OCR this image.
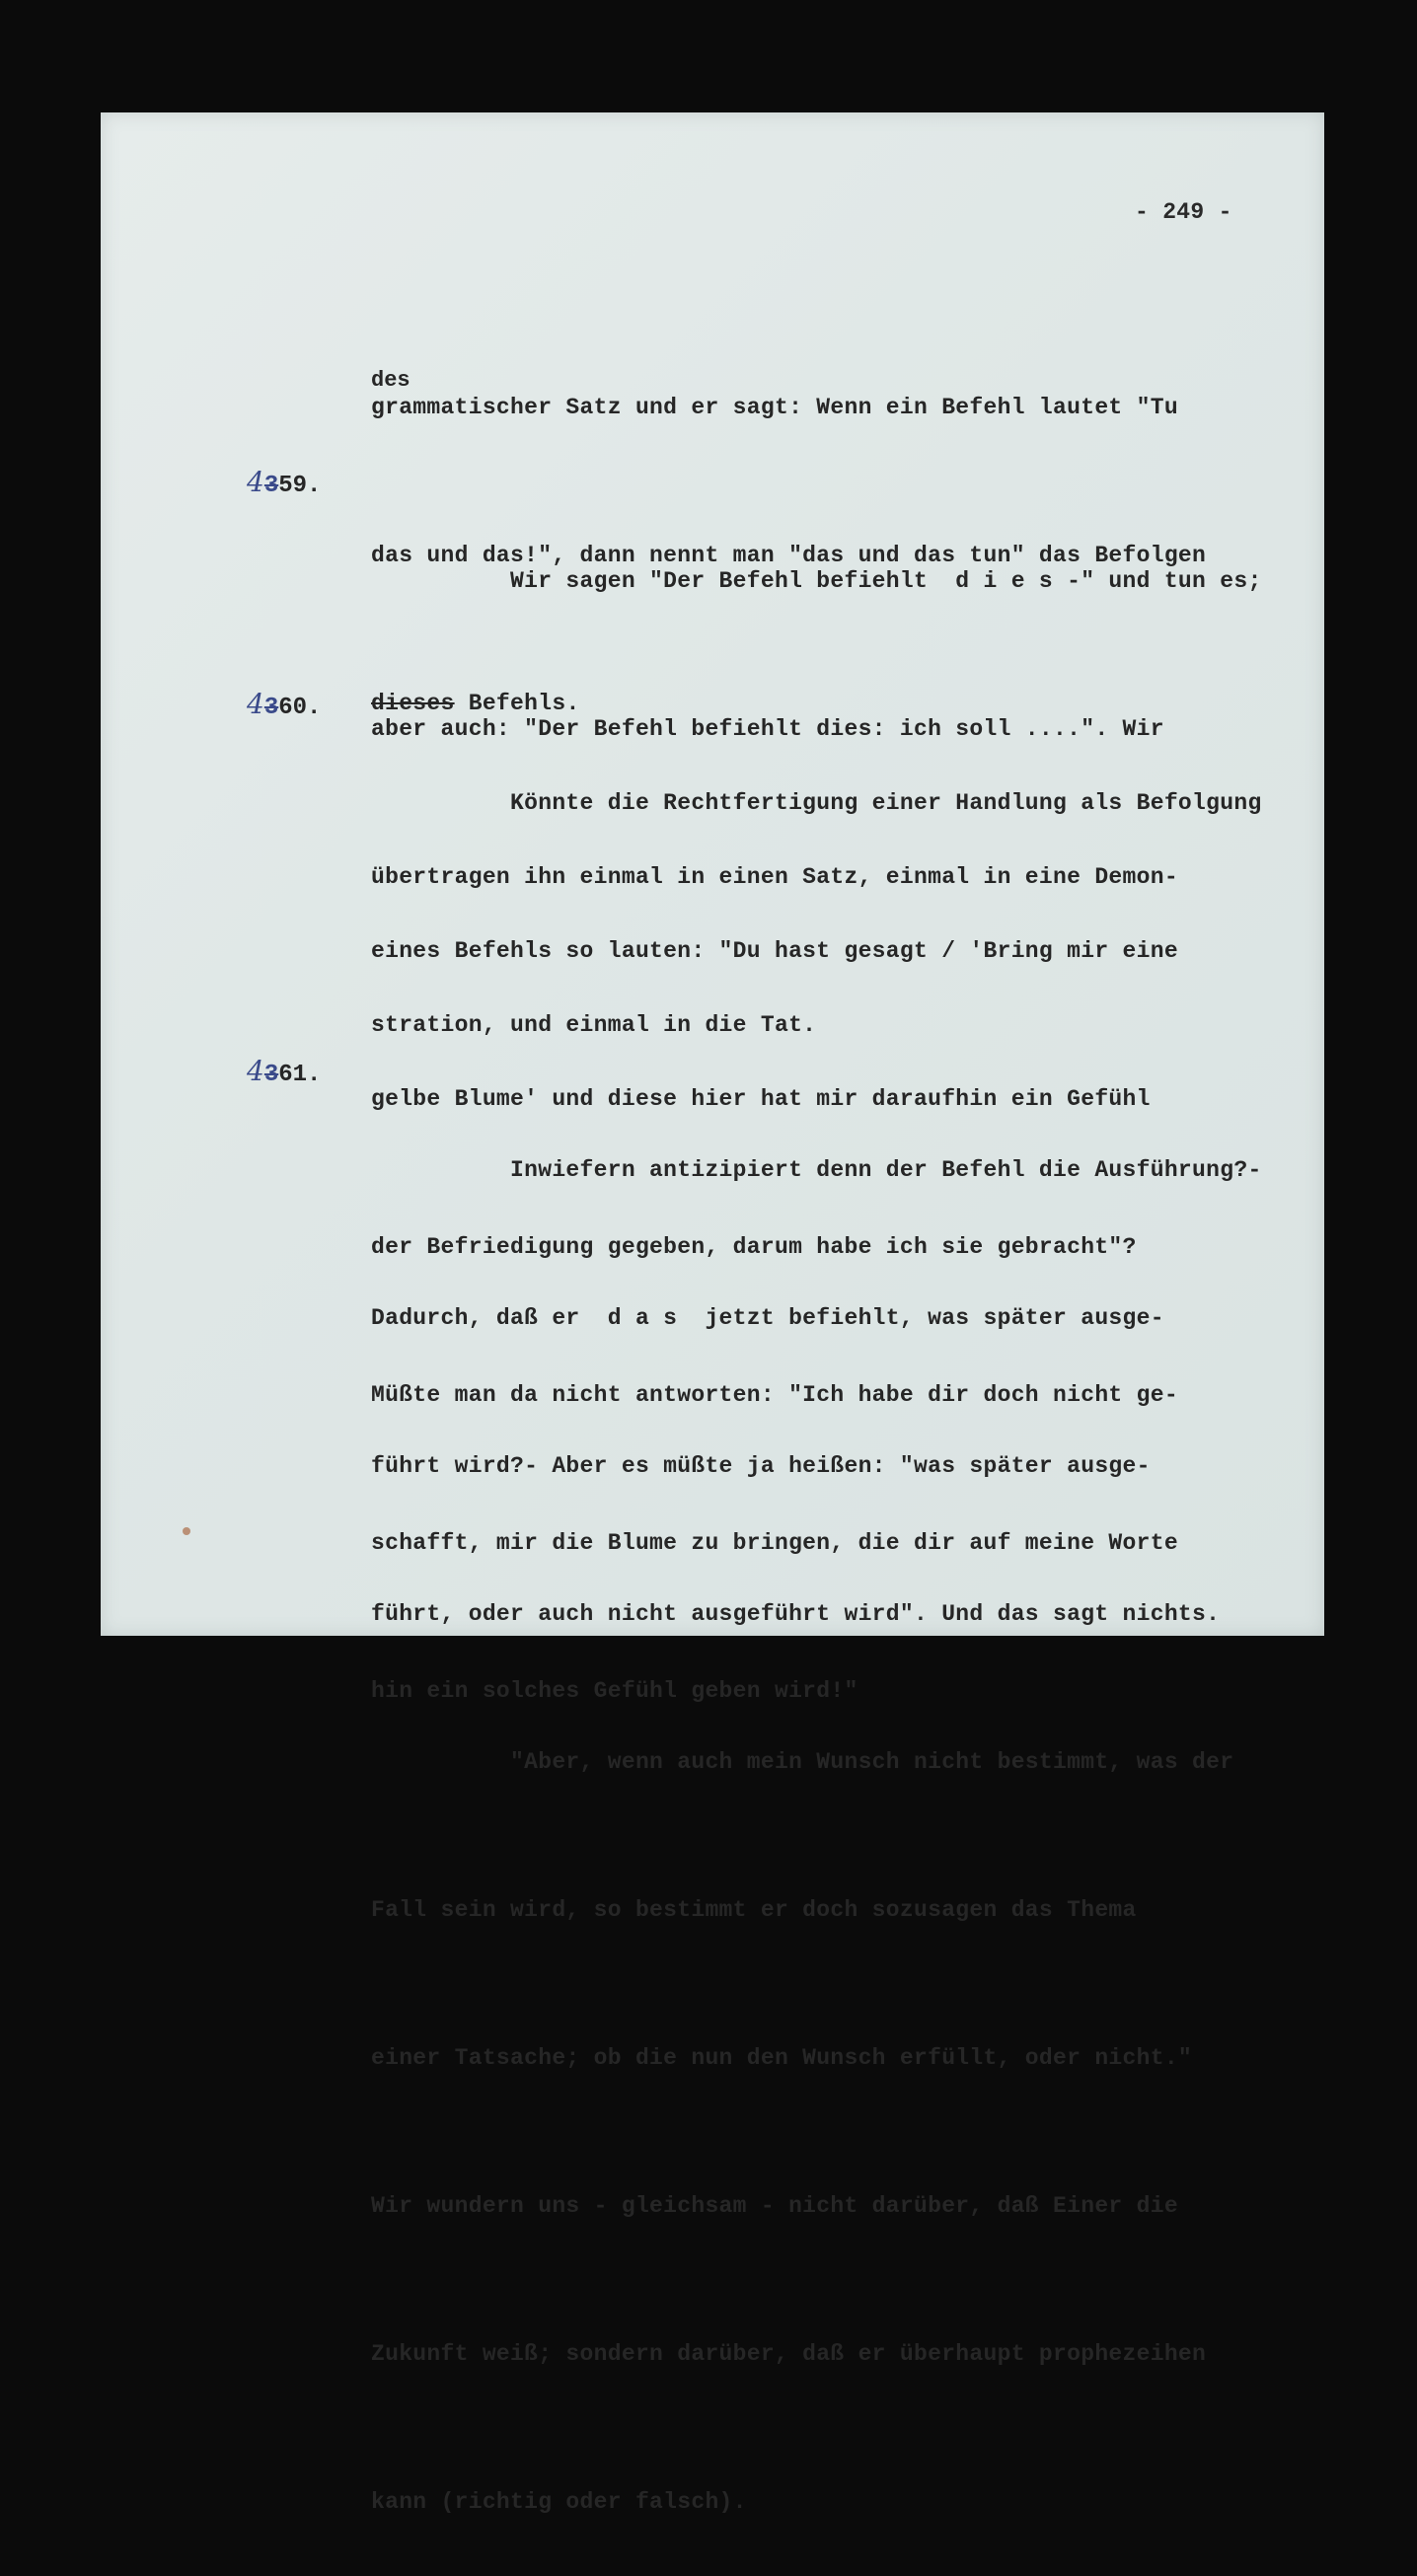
- 249 -

grammatischer Satz und er sagt: Wenn ein Befehl lautet "Tu

das und das!", dann nennt man "das und das tun" das Befolgen

dieses Befehls.

des
4359.

Wir sagen "Der Befehl befiehlt  d i e s -" und tun es;

aber auch: "Der Befehl befiehlt dies: ich soll ....". Wir

übertragen ihn einmal in einen Satz, einmal in eine Demon-

stration, und einmal in die Tat.

4360.

Könnte die Rechtfertigung einer Handlung als Befolgung

eines Befehls so lauten: "Du hast gesagt / 'Bring mir eine

gelbe Blume' und diese hier hat mir daraufhin ein Gefühl

der Befriedigung gegeben, darum habe ich sie gebracht"?

Müßte man da nicht antworten: "Ich habe dir doch nicht ge-

schafft, mir die Blume zu bringen, die dir auf meine Worte

hin ein solches Gefühl geben wird!"

4361.

Inwiefern antizipiert denn der Befehl die Ausführung?-

Dadurch, daß er  d a s  jetzt befiehlt, was später ausge-

führt wird?- Aber es müßte ja heißen: "was später ausge-

führt, oder auch nicht ausgeführt wird". Und das sagt nichts.

"Aber, wenn auch mein Wunsch nicht bestimmt, was der

Fall sein wird, so bestimmt er doch sozusagen das Thema

einer Tatsache; ob die nun den Wunsch erfüllt, oder nicht."

Wir wundern uns - gleichsam - nicht darüber, daß Einer die

Zukunft weiß; sondern darüber, daß er überhaupt prophezeihen

kann (richtig oder falsch).
